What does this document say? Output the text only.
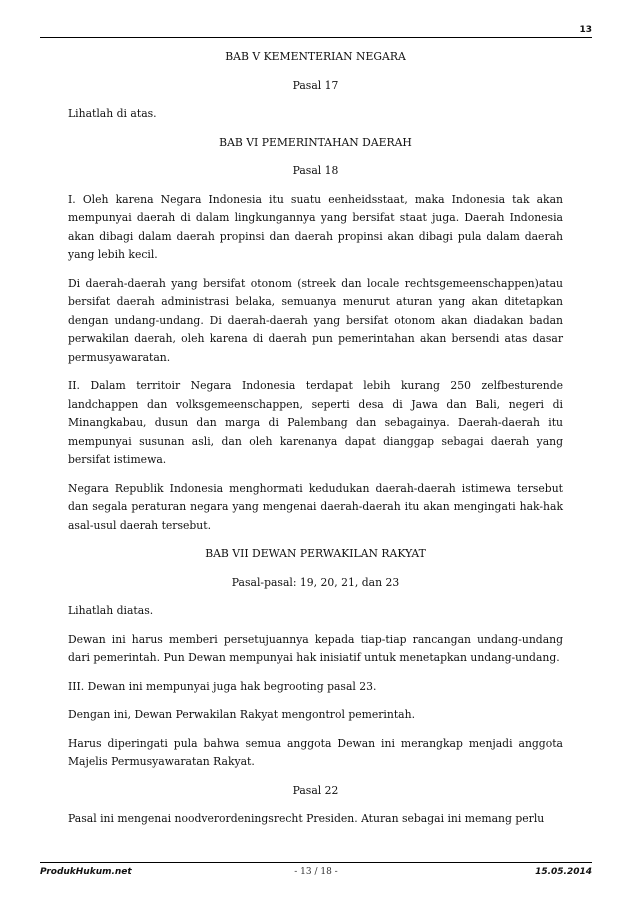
13

BAB V KEMENTERIAN NEGARA

Pasal 17

Lihatlah di atas.

BAB VI PEMERINTAHAN DAERAH

Pasal 18

I. Oleh karena Negara Indonesia itu suatu eenheidsstaat, maka Indonesia tak akan mempunyai daerah di dalam lingkungannya yang bersifat staat juga. Daerah Indonesia akan dibagi dalam daerah propinsi dan daerah propinsi akan dibagi pula dalam daerah yang lebih kecil.

Di daerah-daerah yang bersifat otonom (streek dan locale rechtsgemeenschappen)atau bersifat daerah administrasi belaka, semuanya menurut aturan yang akan ditetapkan dengan undang-undang. Di daerah-daerah yang bersifat otonom akan diadakan badan perwakilan daerah, oleh karena di daerah pun pemerintahan akan bersendi atas dasar permusyawaratan.

II. Dalam territoir Negara Indonesia terdapat lebih kurang 250 zelfbesturende landchappen dan volksgemeenschappen, seperti desa di Jawa dan Bali, negeri di Minangkabau, dusun dan marga di Palembang dan sebagainya. Daerah-daerah itu mempunyai susunan asli, dan oleh karenanya dapat dianggap sebagai daerah yang bersifat istimewa.

Negara Republik Indonesia menghormati kedudukan daerah-daerah istimewa tersebut dan segala peraturan negara yang mengenai daerah-daerah itu akan mengingati hak-hak asal-usul daerah tersebut.

BAB VII DEWAN PERWAKILAN RAKYAT

Pasal-pasal: 19, 20, 21, dan 23

Lihatlah diatas.

Dewan ini harus memberi persetujuannya kepada tiap-tiap rancangan undang-undang dari pemerintah. Pun Dewan mempunyai hak inisiatif untuk menetapkan undang-undang.

III. Dewan ini mempunyai juga hak begrooting pasal 23.

Dengan ini, Dewan Perwakilan Rakyat mengontrol pemerintah.

Harus diperingati pula bahwa semua anggota Dewan ini merangkap menjadi anggota Majelis Permusyawaratan Rakyat.

Pasal 22

Pasal ini mengenai noodverordeningsrecht Presiden. Aturan sebagai ini memang perlu

ProdukHukum.net	- 13 / 18 -	15.05.2014
